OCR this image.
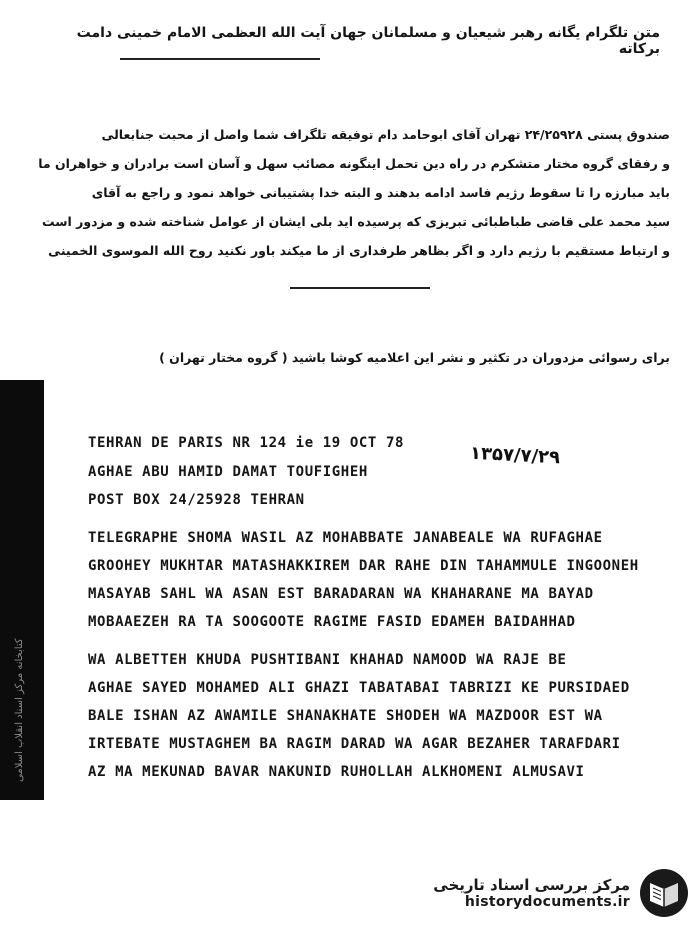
متن تلگرام یگانه رهبر شیعیان و مسلمانان جهان آیت الله العظمی الامام خمینی دامت برکاته
صندوق پستی ۲۴/۲۵۹۲۸ تهران آقای ابوحامد دام توفیقه تلگراف شما واصل از محبت جنابعالی
و رفقای گروه مختار متشکرم در راه دین تحمل اینگونه مصائب سهل و آسان است برادران و خواهران ما
باید مبارزه را تا سقوط رژیم فاسد ادامه بدهند و البته خدا پشتیبانی خواهد نمود و راجع به آقای
سید محمد علی قاضی طباطبائی تبریزی که پرسیده اید بلی ایشان از عوامل شناخته شده و مزدور است
و ارتباط مستقیم با رژیم دارد و اگر بظاهر طرفداری از ما میکند باور نکنید روح الله الموسوی الخمینی
برای رسوائی مزدوران در تکثیر و نشر این اعلامیه کوشا باشید ( گروه مختار تهران )
کتابخانه مرکز اسناد انقلاب اسلامی
TEHRAN DE PARIS NR 124 ie 19 OCT 78
AGHAE ABU HAMID DAMAT TOUFIGHEH
POST BOX 24/25928 TEHRAN
TELEGRAPHE SHOMA WASIL AZ MOHABBATE JANABEALE WA RUFAGHAE
GROOHEY MUKHTAR MATASHAKKIREM DAR RAHE DIN TAHAMMULE INGOONEH
MASAYAB SAHL WA ASAN EST BARADARAN WA KHAHARANE MA BAYAD
MOBAAEZEH RA TA SOOGOOTE RAGIME FASID EDAMEH BAIDAHHAD
WA ALBETTEH KHUDA PUSHTIBANI KHAHAD NAMOOD WA RAJE BE
AGHAE SAYED MOHAMED ALI GHAZI TABATABAI TABRIZI KE PURSIDAED
BALE ISHAN AZ AWAMILE SHANAKHATE SHODEH WA MAZDOOR EST WA
IRTEBATE MUSTAGHEM BA RAGIM DARAD WA AGAR BEZAHER TARAFDARI
AZ MA MEKUNAD BAVAR NAKUNID RUHOLLAH ALKHOMENI ALMUSAVI
۱۳۵۷/۷/۲۹
مرکز بررسی اسناد تاریخی
historydocuments.ir
